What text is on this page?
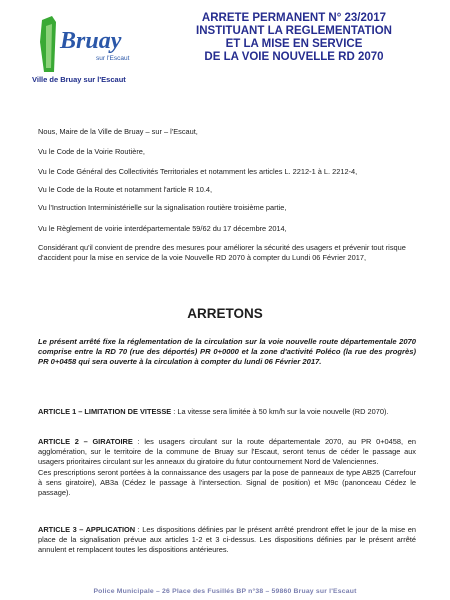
Bruay
sur l'Escaut
Ville de Bruay sur l'Escaut
ARRETE PERMANENT N° 23/2017
INSTITUANT LA REGLEMENTATION
ET LA MISE EN SERVICE
DE LA VOIE NOUVELLE RD 2070
Nous, Maire de la Ville de Bruay – sur – l'Escaut,
Vu le Code de la Voirie Routière,
Vu le Code Général des Collectivités Territoriales et notamment les articles L. 2212-1 à L. 2212-4,
Vu le Code de la Route et notamment l'article R 10.4,
Vu l'Instruction Interministérielle sur la signalisation routière troisième partie,
Vu le Règlement de voirie interdépartementale 59/62 du 17 décembre 2014,
Considérant qu'il convient de prendre des mesures pour améliorer la sécurité des usagers et prévenir tout risque d'accident pour la mise en service de la voie Nouvelle RD 2070 à compter du Lundi 06 Février 2017,
ARRETONS
Le présent arrêté fixe la réglementation de la circulation sur la voie nouvelle route départementale 2070 comprise entre la RD 70 (rue des déportés) PR 0+0000 et la zone d'activité Poléco (la rue des progrès) PR 0+0458 qui sera ouverte à la circulation à compter du lundi 06 Février 2017.
ARTICLE 1 – LIMITATION DE VITESSE : La vitesse sera limitée à 50 km/h sur la voie nouvelle (RD 2070).
ARTICLE 2 – GIRATOIRE : les usagers circulant sur la route départementale 2070, au PR 0+0458, en agglomération, sur le territoire de la commune de Bruay sur l'Escaut, seront tenus de céder le passage aux usagers prioritaires circulant sur les anneaux du giratoire du futur contournement Nord de Valenciennes.
Ces prescriptions seront portées à la connaissance des usagers par la pose de panneaux de type AB25 (Carrefour à sens giratoire), AB3a (Cédez le passage à l'intersection. Signal de position) et M9c (panonceau Cédez le passage).
ARTICLE 3 – APPLICATION : Les dispositions définies par le présent arrêté prendront effet le jour de la mise en place de la signalisation prévue aux articles 1-2 et 3 ci-dessus. Les dispositions définies par le présent arrêté annulent et remplacent toutes les dispositions antérieures.
Police Municipale – 26 Place des Fusillés BP n°38 – 59860 Bruay sur l'Escaut
